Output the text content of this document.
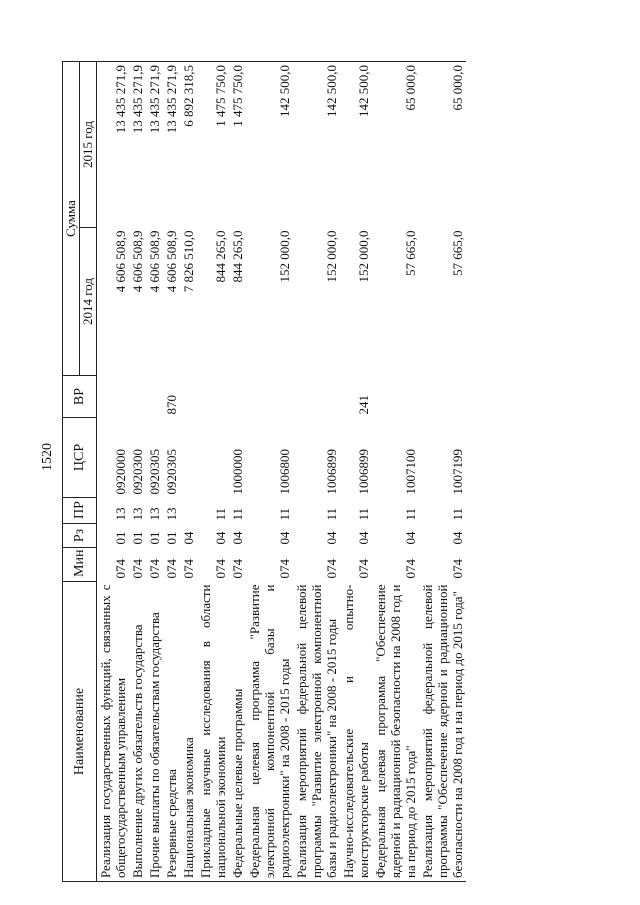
1520
Наименование	Мин	Рз	ПР	ЦСР	ВР	Сумма	
						2014 год	2015 год
Реализация государственных функций, связанных с общегосударственным управлением	074	01	13	0920000		4 606 508,9	13 435 271,9
Выполнение других обязательств государства	074	01	13	0920300		4 606 508,9	13 435 271,9
Прочие выплаты по обязательствам государства	074	01	13	0920305		4 606 508,9	13 435 271,9
Резервные средства	074	01	13	0920305	870	4 606 508,9	13 435 271,9
Национальная экономика	074	04				7 826 510,0	6 892 318,5
Прикладные научные исследования в области национальной экономики	074	04	11			844 265,0	1 475 750,0
Федеральные целевые программы	074	04	11	1000000		844 265,0	1 475 750,0
Федеральная целевая программа "Развитие электронной компонентной базы и радиоэлектроники" на 2008 - 2015 годы	074	04	11	1006800		152 000,0	142 500,0
Реализация мероприятий федеральной целевой программы "Развитие электронной компонентной базы и радиоэлектроники" на 2008 - 2015 годы	074	04	11	1006899		152 000,0	142 500,0
Научно-исследовательские и опытно-конструкторские работы	074	04	11	1006899	241	152 000,0	142 500,0
Федеральная целевая программа "Обеспечение ядерной и радиационной безопасности на 2008 год и на период до 2015 года"	074	04	11	1007100		57 665,0	65 000,0
Реализация мероприятий федеральной целевой программы "Обеспечение ядерной и радиационной безопасности на 2008 год и на период до 2015 года"	074	04	11	1007199		57 665,0	65 000,0
